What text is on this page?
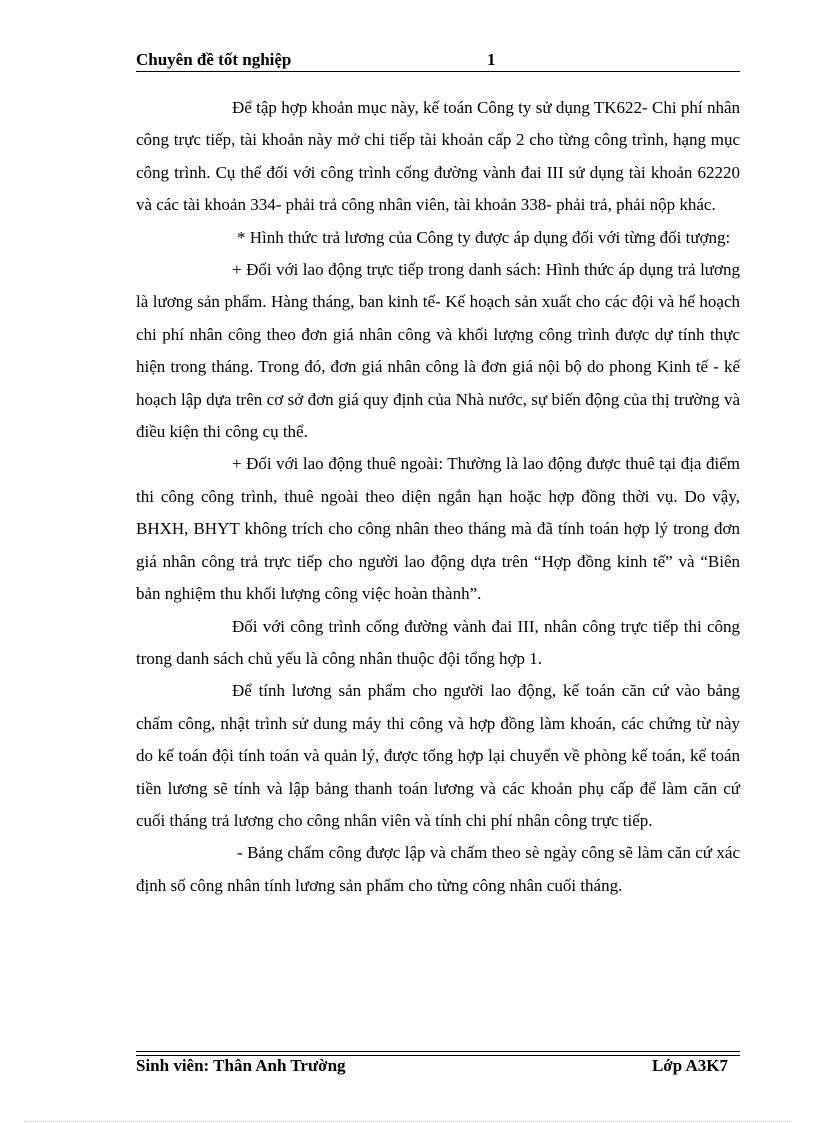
Chuyên đề tốt nghiệp	1

Để tập hợp khoản mục này, kế toán Công ty sử dụng TK622- Chi phí nhân công trực tiếp, tài khoản này mở chi tiếp tài khoản cấp 2 cho từng công trình, hạng mục công trình. Cụ thể đối với công trình cống đường vành đai III sử dụng tài khoản 62220 và các tài khoản 334- phải trả công nhân viên, tài khoản 338- phải trả, phải nộp khác.

* Hình thức trả lương của Công ty được áp dụng đối với từng đối tượng:

+ Đối với lao động trực tiếp trong danh sách: Hình thức áp dụng trả lương là lương sản phẩm. Hàng tháng, ban kinh tế- Kế hoạch sản xuất cho các đội và hế hoạch chi phí nhân công theo đơn giá nhân công và khối lượng công trình được dự tính thực hiện trong tháng. Trong đó, đơn giá nhân công là đơn giá nội bộ do phong Kinh tế - kế hoạch lập dựa trên cơ sở đơn giá quy định của Nhà nước, sự biến động của thị trường và điều kiện thi công cụ thể.

+ Đối với lao động thuê ngoài: Thường là lao động được thuê tại địa điểm thi công công trình, thuê ngoài theo diện ngắn hạn hoặc hợp đồng thời vụ. Do vậy, BHXH, BHYT không trích cho công nhân theo tháng mà đã tính toán hợp lý trong đơn giá nhân công trả trực tiếp cho người lao động dựa trên “Hợp đồng kinh tế” và “Biên bản nghiệm thu khối lượng công việc hoàn thành”.

Đối với công trình cống đường vành đai III, nhân công trực tiếp thi công trong danh sách chủ yếu là công nhân thuộc đội tổng hợp 1.

Để tính lương sản phẩm cho người lao động, kế toán căn cứ vào bảng chấm công, nhật trình sử dung máy thi công và hợp đồng làm khoán, các chứng từ này do kế toán đội tính toán và quản lý, được tổng hợp lại chuyển về phòng kế toán, kế toán tiền lương sẽ tính và lập bảng thanh toán lương và các khoản phụ cấp để làm căn cứ cuối tháng trả lương cho công nhân viên và tính chi phí nhân công trực tiếp.

- Bảng chấm công được lập và chấm theo sè ngày công sẽ làm căn cứ xác định số công nhân tính lương sản phẩm cho từng công nhân cuối tháng.

Sinh viên: Thân Anh Trường	Lớp A3K7
